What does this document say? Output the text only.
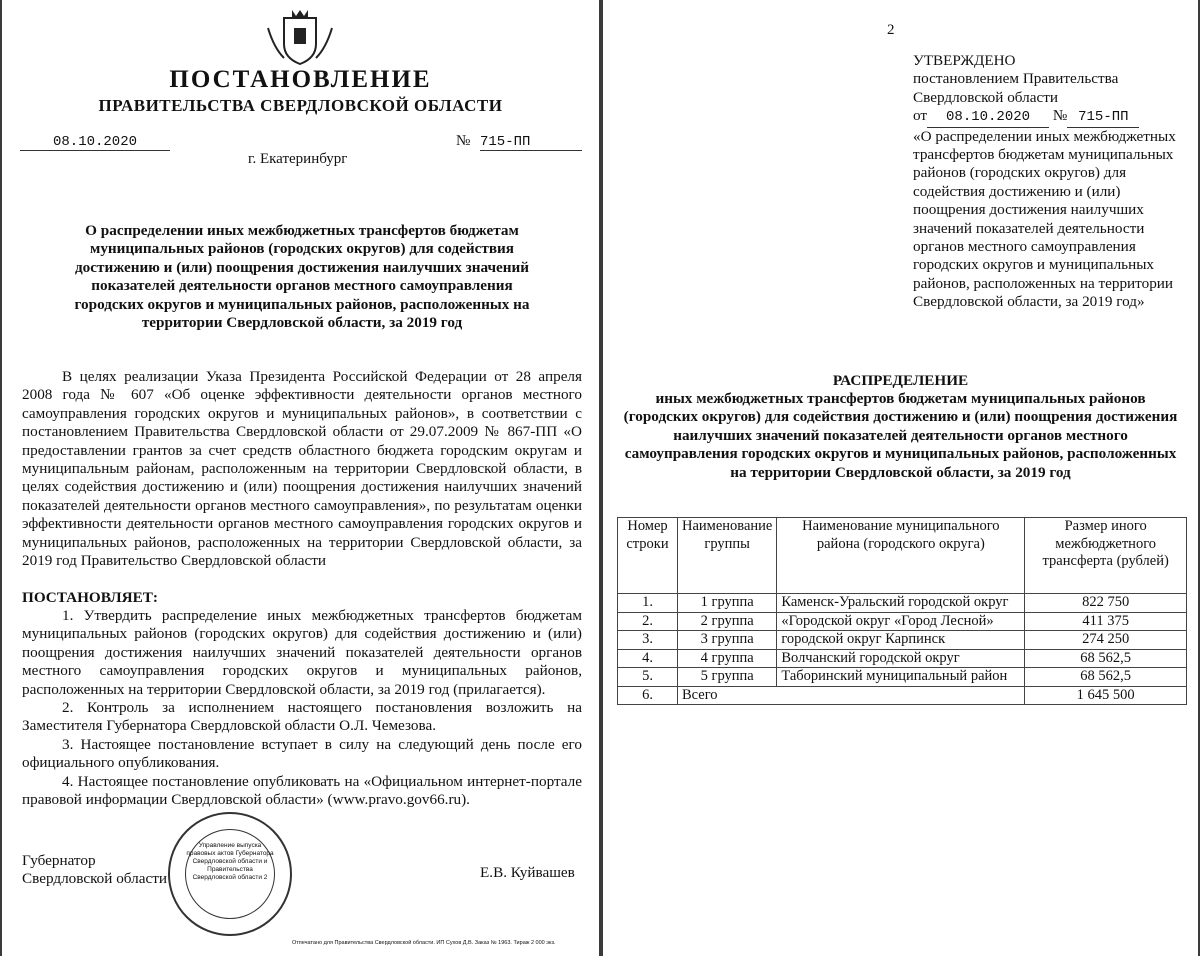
ПОСТАНОВЛЕНИЕ
ПРАВИТЕЛЬСТВА СВЕРДЛОВСКОЙ ОБЛАСТИ
08.10.2020	№ 715-ПП
г. Екатеринбург

О распределении иных межбюджетных трансфертов бюджетам муниципальных районов (городских округов) для содействия достижению и (или) поощрения достижения наилучших значений показателей деятельности органов местного самоуправления городских округов и муниципальных районов, расположенных на территории Свердловской области, за 2019 год

В целях реализации Указа Президента Российской Федерации от 28 апреля 2008 года № 607 «Об оценке эффективности деятельности органов местного самоуправления городских округов и муниципальных районов», в соответствии с постановлением Правительства Свердловской области от 29.07.2009 № 867-ПП «О предоставлении грантов за счет средств областного бюджета городским округам и муниципальным районам, расположенным на территории Свердловской области, в целях содействия достижению и (или) поощрения достижения наилучших значений показателей деятельности органов местного самоуправления», по результатам оценки эффективности деятельности органов местного самоуправления городских округов и муниципальных районов, расположенных на территории Свердловской области, за 2019 год Правительство Свердловской области

ПОСТАНОВЛЯЕТ:

1. Утвердить распределение иных межбюджетных трансфертов бюджетам муниципальных районов (городских округов) для содействия достижению и (или) поощрения достижения наилучших значений показателей деятельности органов местного самоуправления городских округов и муниципальных районов, расположенных на территории Свердловской области, за 2019 год (прилагается).

2. Контроль за исполнением настоящего постановления возложить на Заместителя Губернатора Свердловской области О.Л. Чемезова.

3. Настоящее постановление вступает в силу на следующий день после его официального опубликования.

4. Настоящее постановление опубликовать на «Официальном интернет-портале правовой информации Свердловской области» (www.pravo.gov66.ru).

Губернатор

Свердловской области	Е.В. Куйвашев

Управление выпуска правовых актов Губернатора Свердловской области и Правительства Свердловской области 2
Отпечатано для Правительства Свердловской области. ИП Сухов Д.В. Заказ № 1963. Тираж 2 000 экз.
2

УТВЕРЖДЕНО

постановлением Правительства

Свердловской области

от 08.10.2020 № 715-ПП

«О распределении иных межбюджетных трансфертов бюджетам муниципальных районов (городских округов) для содействия достижению и (или) поощрения достижения наилучших значений показателей деятельности органов местного самоуправления городских округов и муниципальных районов, расположенных на территории Свердловской области, за 2019 год»

РАСПРЕДЕЛЕНИЕ

иных межбюджетных трансфертов бюджетам муниципальных районов (городских округов) для содействия достижению и (или) поощрения достижения наилучших значений показателей деятельности органов местного самоуправления городских округов и муниципальных районов, расположенных на территории Свердловской области, за 2019 год

Номер строки	Наименование группы	Наименование муниципального района (городского округа)	Размер иного межбюджетного трансферта (рублей)
1.	1 группа	Каменск-Уральский городской округ	822 750
2.	2 группа	«Городской округ «Город Лесной»	411 375
3.	3 группа	городской округ Карпинск	274 250
4.	4 группа	Волчанский городской округ	68 562,5
5.	5 группа	Таборинский муниципальный район	68 562,5
6.	Всего		1 645 500
